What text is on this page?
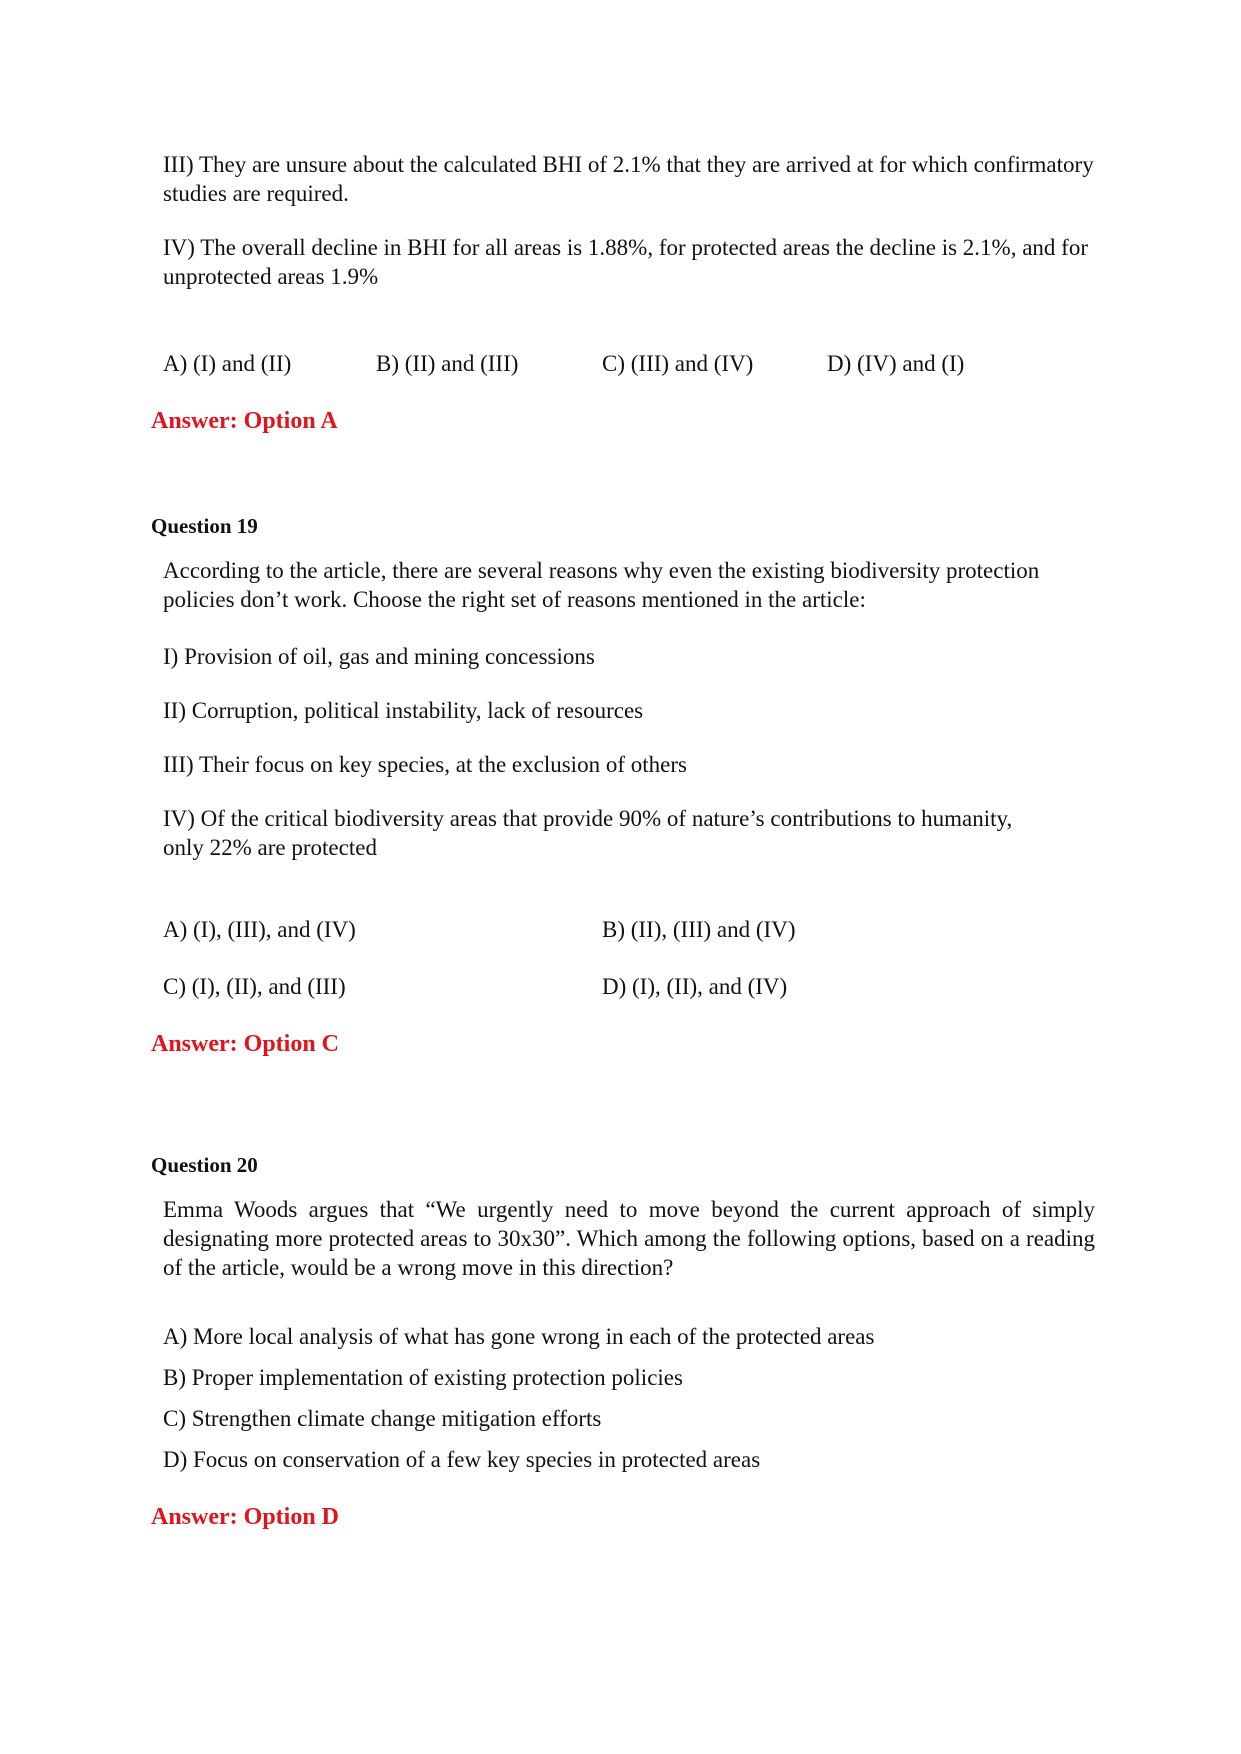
III) They are unsure about the calculated BHI of 2.1% that they are arrived at for which confirmatory studies are required.

IV) The overall decline in BHI for all areas is 1.88%, for protected areas the decline is 2.1%, and for unprotected areas 1.9%

A) (I) and (II)	B) (II) and (III)	C) (III) and (IV)	D) (IV) and (I)
Answer: Option A
Question 19

According to the article, there are several reasons why even the existing biodiversity protection policies don’t work. Choose the right set of reasons mentioned in the article:

I) Provision of oil, gas and mining concessions
II) Corruption, political instability, lack of resources
III) Their focus on key species, at the exclusion of others

IV) Of the critical biodiversity areas that provide 90% of nature’s contributions to humanity, only 22% are protected

A) (I), (III), and (IV)	B) (II), (III) and (IV)
C) (I), (II), and (III)	D) (I), (II), and (IV)
Answer: Option C
Question 20

Emma Woods argues that “We urgently need to move beyond the current approach of simply designating more protected areas to 30x30”. Which among the following options, based on a reading of the article, would be a wrong move in this direction?

A) More local analysis of what has gone wrong in each of the protected areas
B) Proper implementation of existing protection policies
C) Strengthen climate change mitigation efforts
D) Focus on conservation of a few key species in protected areas
Answer: Option D
